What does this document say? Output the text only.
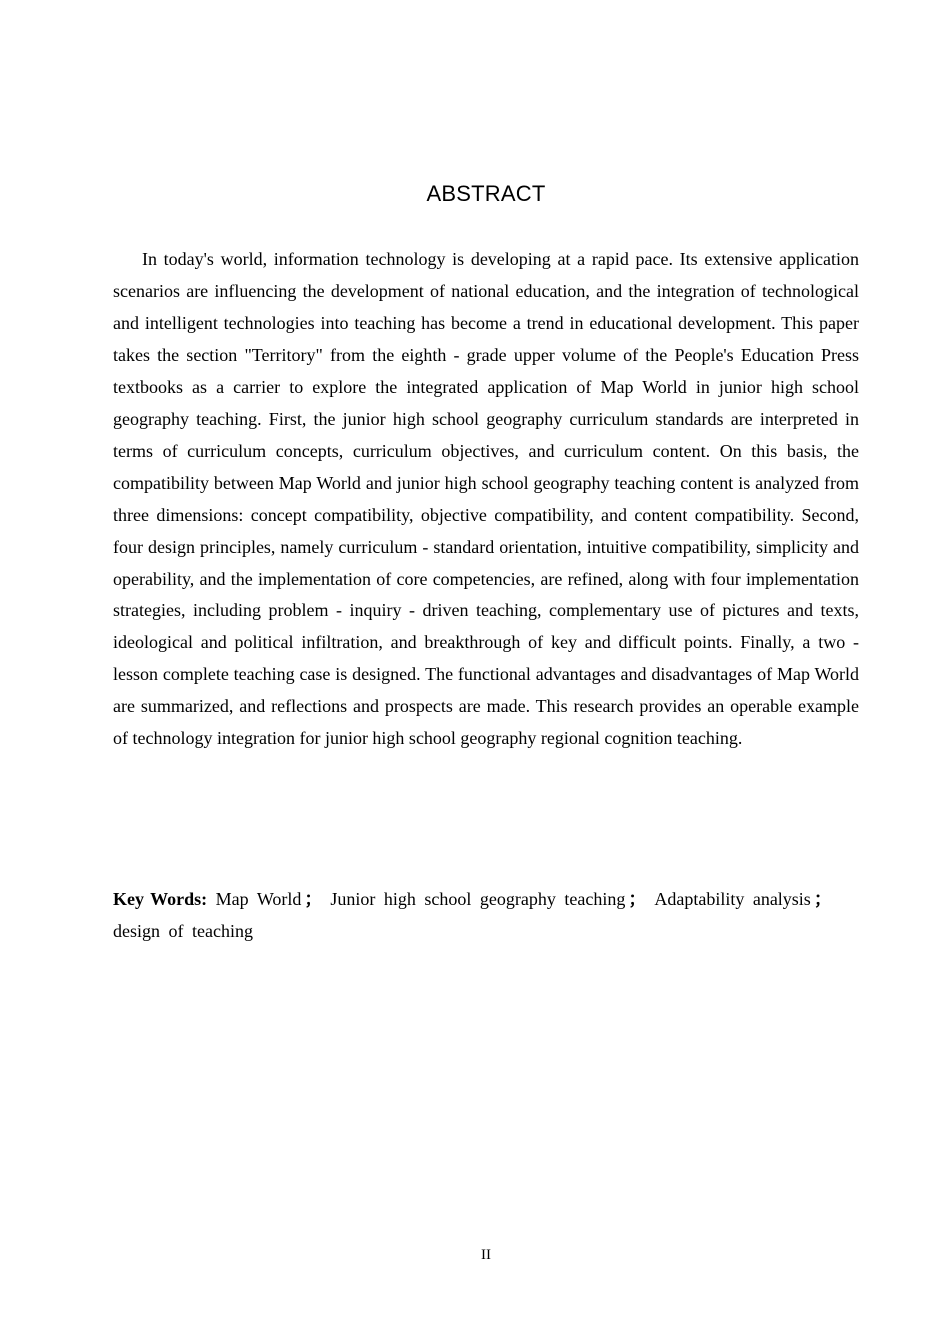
ABSTRACT

In today's world, information technology is developing at a rapid pace. Its extensive application scenarios are influencing the development of national education, and the integration of technological and intelligent technologies into teaching has become a trend in educational development. This paper takes the section "Territory" from the eighth - grade upper volume of the People's Education Press textbooks as a carrier to explore the integrated application of Map World in junior high school geography teaching. First, the junior high school geography curriculum standards are interpreted in terms of curriculum concepts, curriculum objectives, and curriculum content. On this basis, the compatibility between Map World and junior high school geography teaching content is analyzed from three dimensions: concept compatibility, objective compatibility, and content compatibility. Second, four design principles, namely curriculum - standard orientation, intuitive compatibility, simplicity and operability, and the implementation of core competencies, are refined, along with four implementation strategies, including problem - inquiry - driven teaching, complementary use of pictures and texts, ideological and political infiltration, and breakthrough of key and difficult points. Finally, a two - lesson complete teaching case is designed. The functional advantages and disadvantages of Map World are summarized, and reflections and prospects are made. This research provides an operable example of technology integration for junior high school geography regional cognition teaching.

Key Words: Map World ； Junior high school geography teaching ； Adaptability analysis ；design of teaching

II
